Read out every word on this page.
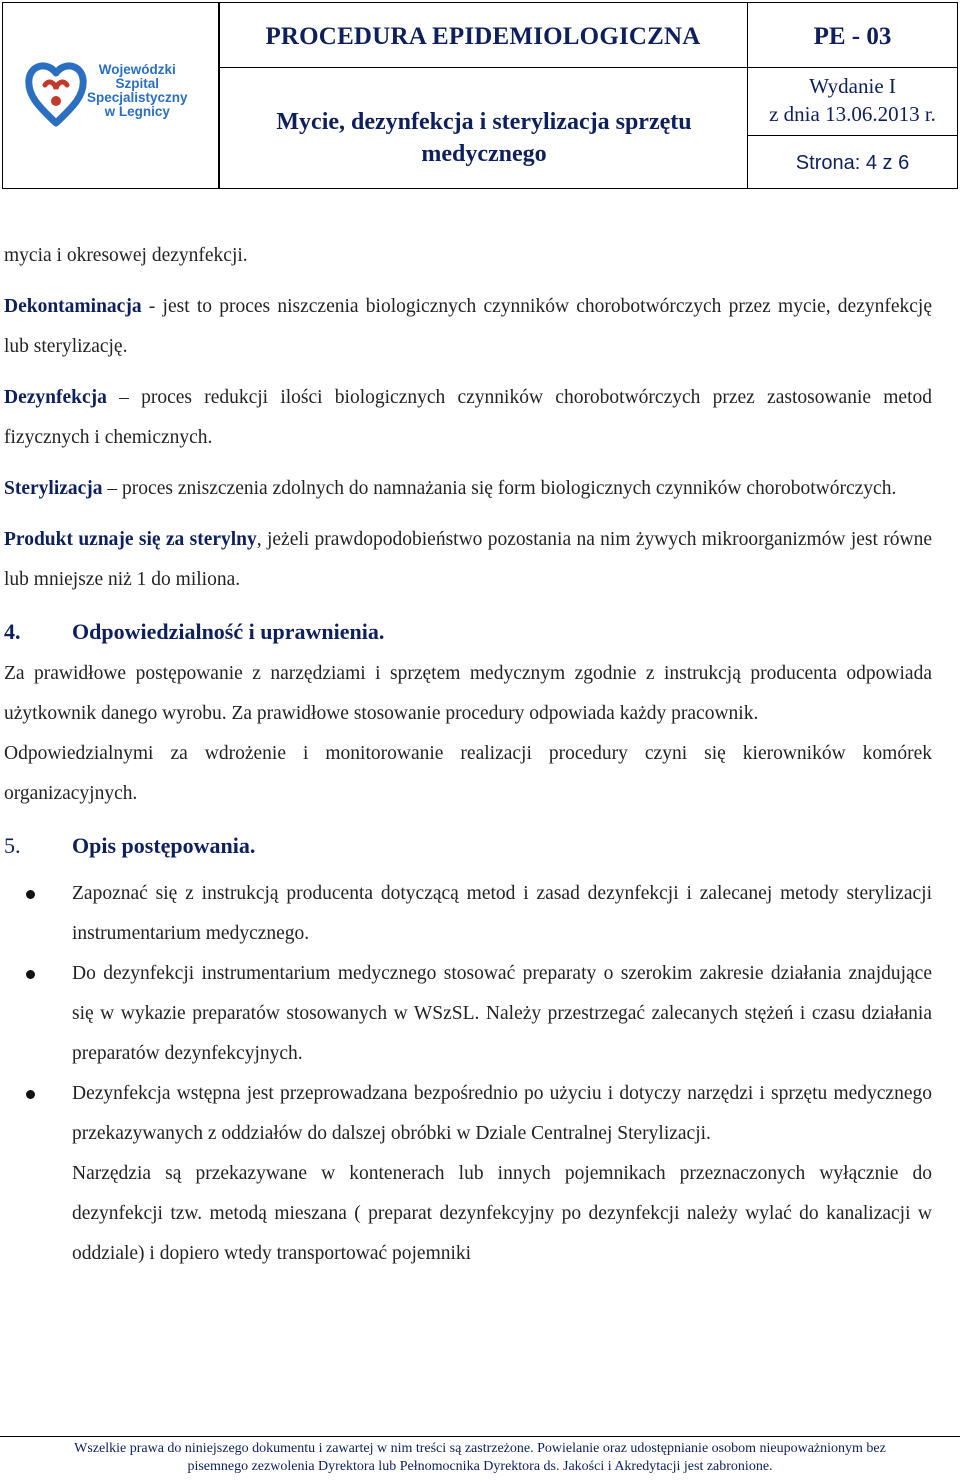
Wojewódzki
Szpital
Specjalistyczny
w Legnicy
PROCEDURA EPIDEMIOLOGICZNA	PE - 03
Mycie, dezynfekcja i sterylizacja sprzętu medycznego
Wydanie I
z dnia 13.06.2013 r.
Strona: 4 z 6

mycia i okresowej dezynfekcji.

Dekontaminacja - jest to proces niszczenia biologicznych czynników chorobotwórczych przez mycie, dezynfekcję lub sterylizację.

Dezynfekcja – proces redukcji ilości biologicznych czynników chorobotwórczych przez zastosowanie metod fizycznych i chemicznych.

Sterylizacja – proces zniszczenia zdolnych do namnażania się form biologicznych czynników chorobotwórczych.

Produkt uznaje się za sterylny, jeżeli prawdopodobieństwo pozostania na nim żywych mikroorganizmów jest równe lub mniejsze niż 1 do miliona.

4. Odpowiedzialność i uprawnienia.

Za prawidłowe postępowanie z narzędziami i sprzętem medycznym zgodnie z instrukcją producenta odpowiada użytkownik danego wyrobu. Za prawidłowe stosowanie procedury odpowiada każdy pracownik.

Odpowiedzialnymi za wdrożenie i monitorowanie realizacji procedury czyni się kierowników komórek organizacyjnych.

5. Opis postępowania.
Zapoznać się z instrukcją producenta dotyczącą metod i zasad dezynfekcji i zalecanej metody sterylizacji instrumentarium medycznego.
Do dezynfekcji instrumentarium medycznego stosować preparaty o szerokim zakresie działania znajdujące się w wykazie preparatów stosowanych w WSzSL. Należy przestrzegać zalecanych stężeń i czasu działania preparatów dezynfekcyjnych.
Dezynfekcja wstępna jest przeprowadzana bezpośrednio po użyciu i dotyczy narzędzi i sprzętu medycznego przekazywanych z oddziałów do dalszej obróbki w Dziale Centralnej Sterylizacji.

Narzędzia są przekazywane w kontenerach lub innych pojemnikach przeznaczonych wyłącznie do dezynfekcji tzw. metodą mieszana ( preparat dezynfekcyjny po dezynfekcji należy wylać do kanalizacji w oddziale) i dopiero wtedy transportować pojemniki

Wszelkie prawa do niniejszego dokumentu i zawartej w nim treści są zastrzeżone. Powielanie oraz udostępnianie osobom nieupoważnionym bez
pisemnego zezwolenia Dyrektora lub Pełnomocnika Dyrektora ds. Jakości i Akredytacji jest zabronione.
